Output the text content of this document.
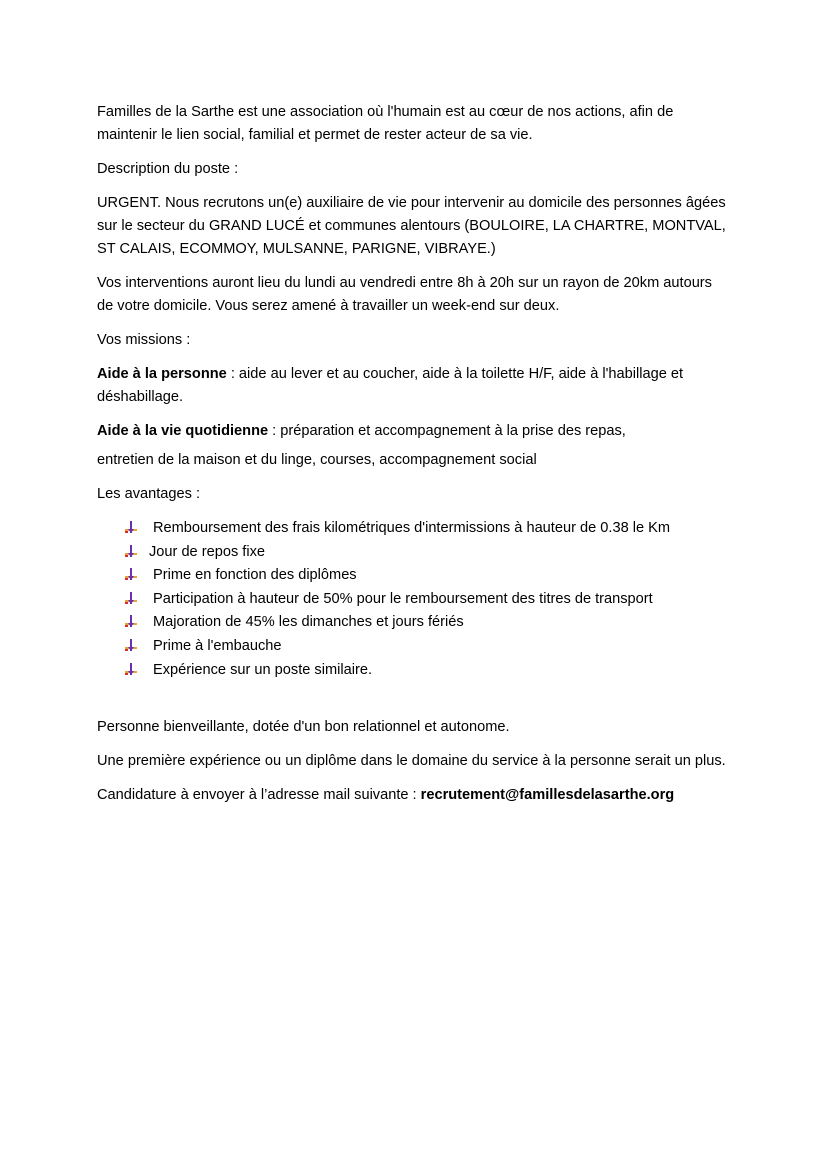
Familles de la Sarthe est une association où l'humain est au cœur de nos actions, afin de maintenir le lien social, familial et permet de rester acteur de sa vie.

Description du poste :

URGENT. Nous recrutons un(e) auxiliaire de vie pour intervenir au domicile des personnes âgées sur le secteur du GRAND LUCÉ et communes alentours (BOULOIRE, LA CHARTRE, MONTVAL, ST CALAIS, ECOMMOY, MULSANNE, PARIGNE, VIBRAYE.)

Vos interventions auront lieu du lundi au vendredi entre 8h à 20h sur un rayon de 20km autours de votre domicile. Vous serez amené à travailler un week-end sur deux.

Vos missions :

Aide à la personne : aide au lever et au coucher, aide à la toilette H/F, aide à l'habillage et déshabillage.

Aide à la vie quotidienne : préparation et accompagnement à la prise des repas,

entretien de la maison et du linge, courses, accompagnement social

Les avantages :

Remboursement des frais kilométriques d'intermissions à hauteur de 0.38 le Km
Jour de repos fixe
Prime en fonction des diplômes
Participation à hauteur de 50% pour le remboursement des titres de transport
Majoration de 45% les dimanches et jours fériés
Prime à l'embauche
Expérience sur un poste similaire.

Personne bienveillante, dotée d'un bon relationnel et autonome.

Une première expérience ou un diplôme dans le domaine du service à la personne serait un plus.

Candidature à envoyer à l’adresse mail suivante : recrutement@famillesdelasarthe.org
